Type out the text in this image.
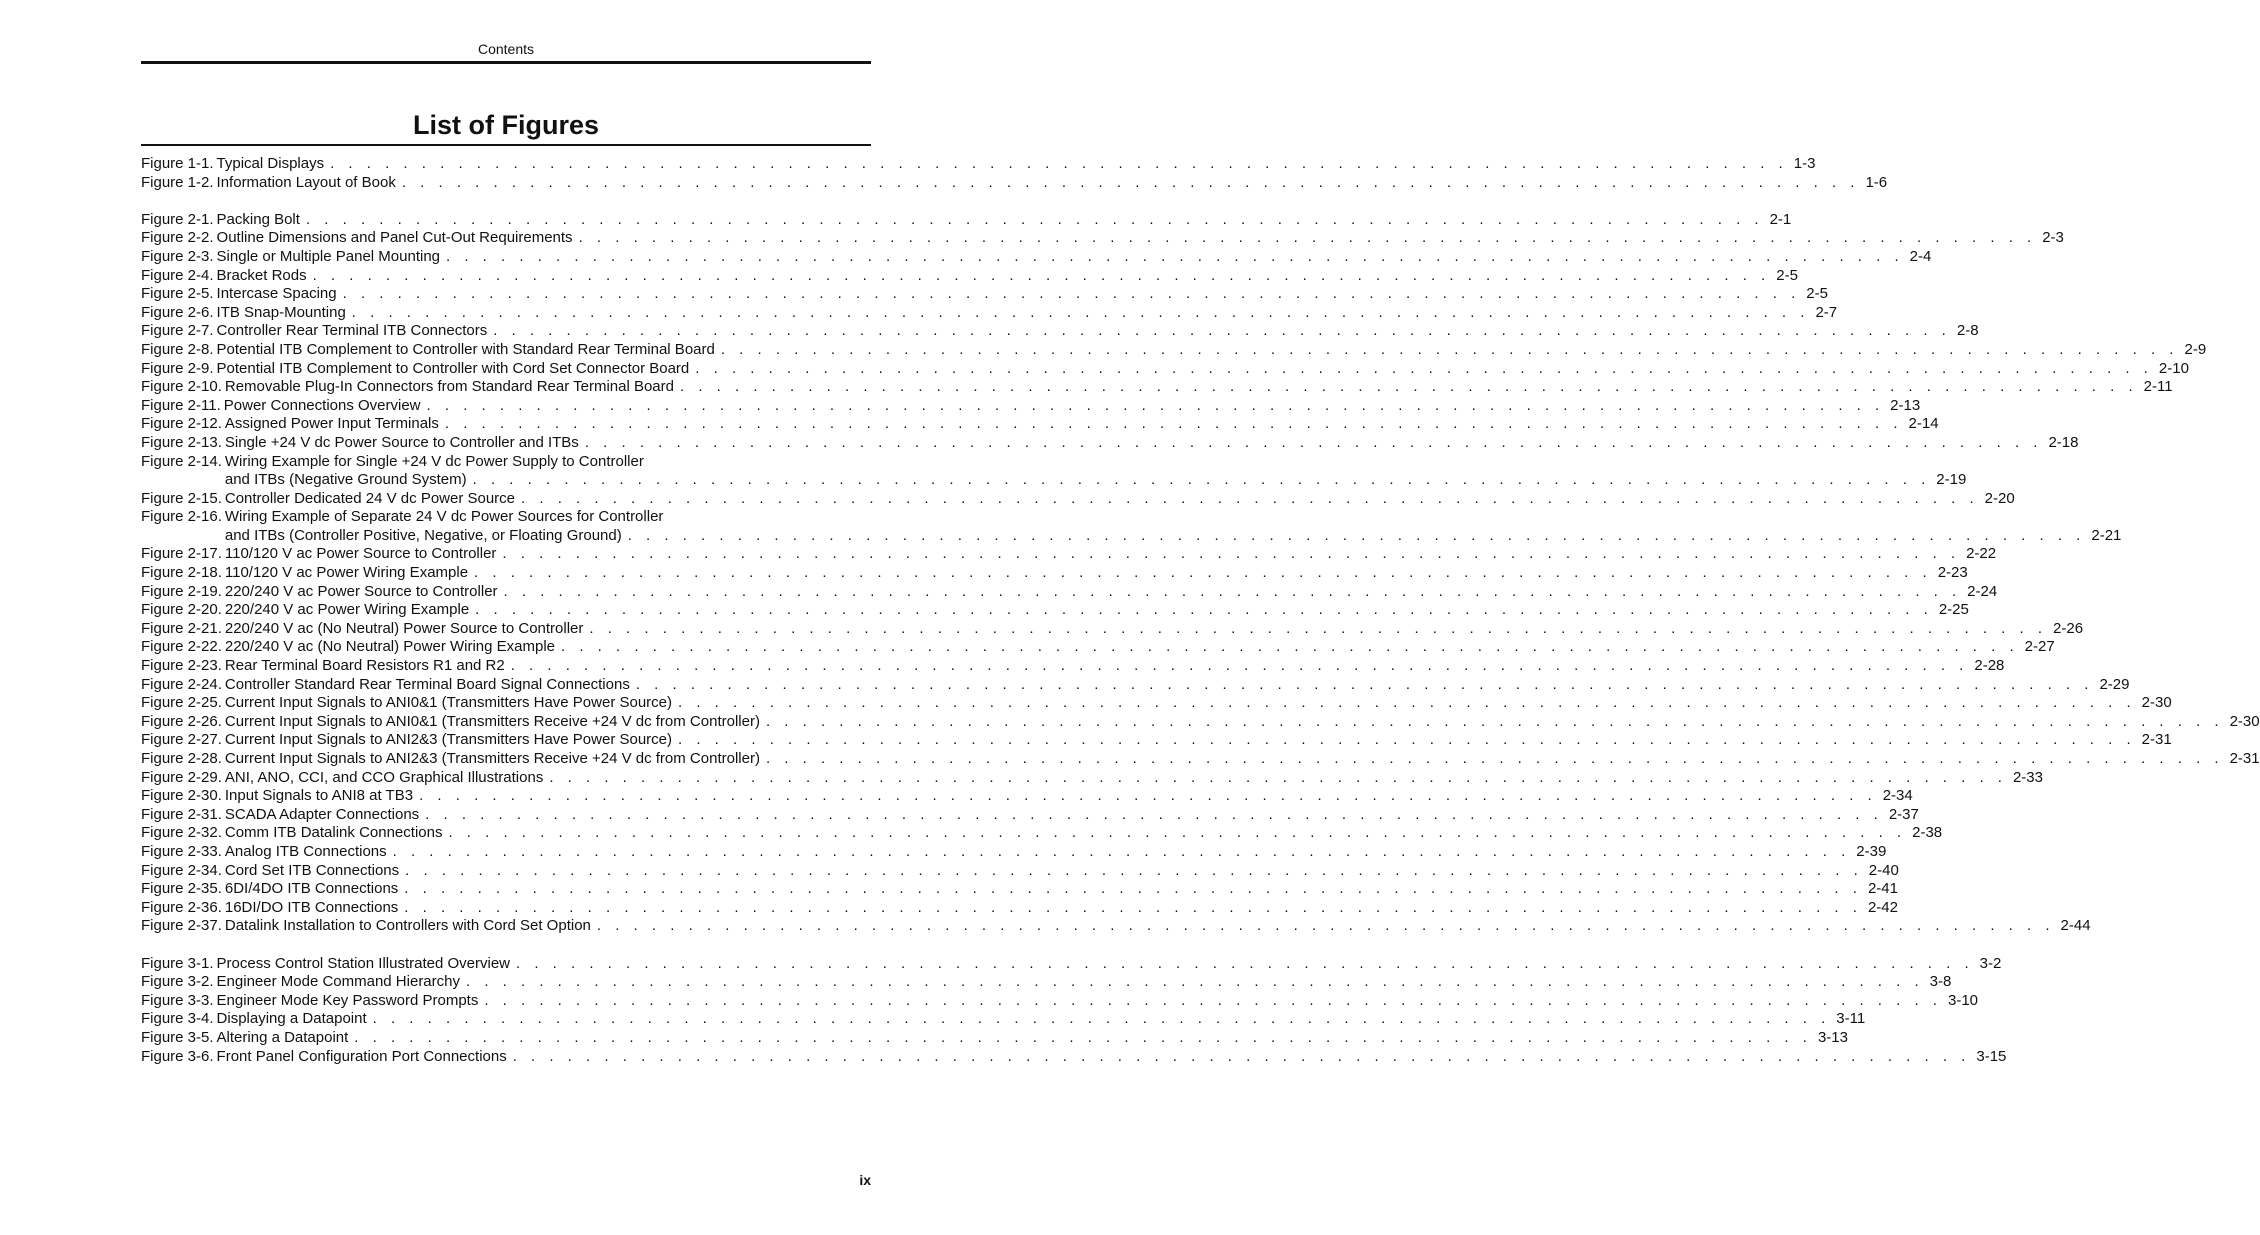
Contents
List of Figures
Figure 1-1. Typical Displays . . . . . . . . . . . . . . . . . . . . . . . . . . . . . . . . . . . . . . . . . . . . . . . . . . . . . . . . . . . . . . . . . . . . . . . . . . . . . . . . 1-3
Figure 1-2. Information Layout of Book . . . . . . . . . . . . . . . . . . . . . . . . . . . . . . . . . . . . . . . . . . . . . . . . . . . . . . . . . . . . . . . . . . . . . . . . . . . . . . . . 1-6
Figure 2-1. Packing Bolt . . . . . . . . . . . . . . . . . . . . . . . . . . . . . . . . . . . . . . . . . . . . . . . . . . . . . . . . . . . . . . . . . . . . . . . . . . . . . . . . 2-1
Figure 2-2. Outline Dimensions and Panel Cut-Out Requirements . . . . . . . . . . . . . . . . . . . . . . . . . . . . . . . . . . . . . . . . . . . . . . . . . . . . . . . . . . . . . . . . . . . . . . . . . . . . . . . . 2-3
Figure 2-3. Single or Multiple Panel Mounting . . . . . . . . . . . . . . . . . . . . . . . . . . . . . . . . . . . . . . . . . . . . . . . . . . . . . . . . . . . . . . . . . . . . . . . . . . . . . . . . 2-4
Figure 2-4. Bracket Rods . . . . . . . . . . . . . . . . . . . . . . . . . . . . . . . . . . . . . . . . . . . . . . . . . . . . . . . . . . . . . . . . . . . . . . . . . . . . . . . . 2-5
Figure 2-5. Intercase Spacing . . . . . . . . . . . . . . . . . . . . . . . . . . . . . . . . . . . . . . . . . . . . . . . . . . . . . . . . . . . . . . . . . . . . . . . . . . . . . . . . 2-5
Figure 2-6. ITB Snap-Mounting . . . . . . . . . . . . . . . . . . . . . . . . . . . . . . . . . . . . . . . . . . . . . . . . . . . . . . . . . . . . . . . . . . . . . . . . . . . . . . . . 2-7
Figure 2-7. Controller Rear Terminal ITB Connectors . . . . . . . . . . . . . . . . . . . . . . . . . . . . . . . . . . . . . . . . . . . . . . . . . . . . . . . . . . . . . . . . . . . . . . . . . . . . . . . . 2-8
Figure 2-8. Potential ITB Complement to Controller with Standard Rear Terminal Board . . . . . . . . . . . . . . . . . . . . . . . . . . . . . . . . . . . . . . . . . . . . . . . . . . . . . . . . . . . . . . . . . . . . . . . . . . . . . . . . 2-9
Figure 2-9. Potential ITB Complement to Controller with Cord Set Connector Board . . . . . . . . . . . . . . . . . . . . . . . . . . . . . . . . . . . . . . . . . . . . . . . . . . . . . . . . . . . . . . . . . . . . . . . . . . . . . . . . 2-10
Figure 2-10. Removable Plug-In Connectors from Standard Rear Terminal Board . . . . . . . . . . . . . . . . . . . . . . . . . . . . . . . . . . . . . . . . . . . . . . . . . . . . . . . . . . . . . . . . . . . . . . . . . . . . . . . . 2-11
Figure 2-11. Power Connections Overview . . . . . . . . . . . . . . . . . . . . . . . . . . . . . . . . . . . . . . . . . . . . . . . . . . . . . . . . . . . . . . . . . . . . . . . . . . . . . . . . 2-13
Figure 2-12. Assigned Power Input Terminals . . . . . . . . . . . . . . . . . . . . . . . . . . . . . . . . . . . . . . . . . . . . . . . . . . . . . . . . . . . . . . . . . . . . . . . . . . . . . . . . 2-14
Figure 2-13. Single +24 V dc Power Source to Controller and ITBs . . . . . . . . . . . . . . . . . . . . . . . . . . . . . . . . . . . . . . . . . . . . . . . . . . . . . . . . . . . . . . . . . . . . . . . . . . . . . . . . 2-18
Figure 2-14. Wiring Example for Single +24 V dc Power Supply to Controller
and ITBs (Negative Ground System) . . . . . . . . . . . . . . . . . . . . . . . . . . . . . . . . . . . . . . . . . . . . . . . . . . . . . . . . . . . . . . . . . . . . . . . . . . . . . . . . 2-19
Figure 2-15. Controller Dedicated 24 V dc Power Source . . . . . . . . . . . . . . . . . . . . . . . . . . . . . . . . . . . . . . . . . . . . . . . . . . . . . . . . . . . . . . . . . . . . . . . . . . . . . . . . 2-20
Figure 2-16. Wiring Example of Separate 24 V dc Power Sources for Controller
and ITBs (Controller Positive, Negative, or Floating Ground) . . . . . . . . . . . . . . . . . . . . . . . . . . . . . . . . . . . . . . . . . . . . . . . . . . . . . . . . . . . . . . . . . . . . . . . . . . . . . . . . 2-21
Figure 2-17. 110/120 V ac Power Source to Controller . . . . . . . . . . . . . . . . . . . . . . . . . . . . . . . . . . . . . . . . . . . . . . . . . . . . . . . . . . . . . . . . . . . . . . . . . . . . . . . . 2-22
Figure 2-18. 110/120 V ac Power Wiring Example . . . . . . . . . . . . . . . . . . . . . . . . . . . . . . . . . . . . . . . . . . . . . . . . . . . . . . . . . . . . . . . . . . . . . . . . . . . . . . . . 2-23
Figure 2-19. 220/240 V ac Power Source to Controller . . . . . . . . . . . . . . . . . . . . . . . . . . . . . . . . . . . . . . . . . . . . . . . . . . . . . . . . . . . . . . . . . . . . . . . . . . . . . . . . 2-24
Figure 2-20. 220/240 V ac Power Wiring Example . . . . . . . . . . . . . . . . . . . . . . . . . . . . . . . . . . . . . . . . . . . . . . . . . . . . . . . . . . . . . . . . . . . . . . . . . . . . . . . . 2-25
Figure 2-21. 220/240 V ac (No Neutral) Power Source to Controller . . . . . . . . . . . . . . . . . . . . . . . . . . . . . . . . . . . . . . . . . . . . . . . . . . . . . . . . . . . . . . . . . . . . . . . . . . . . . . . . 2-26
Figure 2-22. 220/240 V ac (No Neutral) Power Wiring Example . . . . . . . . . . . . . . . . . . . . . . . . . . . . . . . . . . . . . . . . . . . . . . . . . . . . . . . . . . . . . . . . . . . . . . . . . . . . . . . . 2-27
Figure 2-23. Rear Terminal Board Resistors R1 and R2 . . . . . . . . . . . . . . . . . . . . . . . . . . . . . . . . . . . . . . . . . . . . . . . . . . . . . . . . . . . . . . . . . . . . . . . . . . . . . . . . 2-28
Figure 2-24. Controller Standard Rear Terminal Board Signal Connections . . . . . . . . . . . . . . . . . . . . . . . . . . . . . . . . . . . . . . . . . . . . . . . . . . . . . . . . . . . . . . . . . . . . . . . . . . . . . . . . 2-29
Figure 2-25. Current Input Signals to ANI0&1 (Transmitters Have Power Source) . . . . . . . . . . . . . . . . . . . . . . . . . . . . . . . . . . . . . . . . . . . . . . . . . . . . . . . . . . . . . . . . . . . . . . . . . . . . . . . . 2-30
Figure 2-26. Current Input Signals to ANI0&1 (Transmitters Receive +24 V dc from Controller) . . . . . . . . . . . . . . . . . . . . . . . . . . . . . . . . . . . . . . . . . . . . . . . . . . . . . . . . . . . . . . . . . . . . . . . . . . . . . . . . 2-30
Figure 2-27. Current Input Signals to ANI2&3 (Transmitters Have Power Source) . . . . . . . . . . . . . . . . . . . . . . . . . . . . . . . . . . . . . . . . . . . . . . . . . . . . . . . . . . . . . . . . . . . . . . . . . . . . . . . . 2-31
Figure 2-28. Current Input Signals to ANI2&3 (Transmitters Receive +24 V dc from Controller) . . . . . . . . . . . . . . . . . . . . . . . . . . . . . . . . . . . . . . . . . . . . . . . . . . . . . . . . . . . . . . . . . . . . . . . . . . . . . . . . 2-31
Figure 2-29. ANI, ANO, CCI, and CCO Graphical Illustrations . . . . . . . . . . . . . . . . . . . . . . . . . . . . . . . . . . . . . . . . . . . . . . . . . . . . . . . . . . . . . . . . . . . . . . . . . . . . . . . . 2-33
Figure 2-30. Input Signals to ANI8 at TB3 . . . . . . . . . . . . . . . . . . . . . . . . . . . . . . . . . . . . . . . . . . . . . . . . . . . . . . . . . . . . . . . . . . . . . . . . . . . . . . . . 2-34
Figure 2-31. SCADA Adapter Connections . . . . . . . . . . . . . . . . . . . . . . . . . . . . . . . . . . . . . . . . . . . . . . . . . . . . . . . . . . . . . . . . . . . . . . . . . . . . . . . . 2-37
Figure 2-32. Comm ITB Datalink Connections . . . . . . . . . . . . . . . . . . . . . . . . . . . . . . . . . . . . . . . . . . . . . . . . . . . . . . . . . . . . . . . . . . . . . . . . . . . . . . . . 2-38
Figure 2-33. Analog ITB Connections . . . . . . . . . . . . . . . . . . . . . . . . . . . . . . . . . . . . . . . . . . . . . . . . . . . . . . . . . . . . . . . . . . . . . . . . . . . . . . . . 2-39
Figure 2-34. Cord Set ITB Connections . . . . . . . . . . . . . . . . . . . . . . . . . . . . . . . . . . . . . . . . . . . . . . . . . . . . . . . . . . . . . . . . . . . . . . . . . . . . . . . . 2-40
Figure 2-35. 6DI/4DO ITB Connections . . . . . . . . . . . . . . . . . . . . . . . . . . . . . . . . . . . . . . . . . . . . . . . . . . . . . . . . . . . . . . . . . . . . . . . . . . . . . . . . 2-41
Figure 2-36. 16DI/DO ITB Connections . . . . . . . . . . . . . . . . . . . . . . . . . . . . . . . . . . . . . . . . . . . . . . . . . . . . . . . . . . . . . . . . . . . . . . . . . . . . . . . . 2-42
Figure 2-37. Datalink Installation to Controllers with Cord Set Option . . . . . . . . . . . . . . . . . . . . . . . . . . . . . . . . . . . . . . . . . . . . . . . . . . . . . . . . . . . . . . . . . . . . . . . . . . . . . . . . 2-44
Figure 3-1. Process Control Station Illustrated Overview . . . . . . . . . . . . . . . . . . . . . . . . . . . . . . . . . . . . . . . . . . . . . . . . . . . . . . . . . . . . . . . . . . . . . . . . . . . . . . . . 3-2
Figure 3-2. Engineer Mode Command Hierarchy . . . . . . . . . . . . . . . . . . . . . . . . . . . . . . . . . . . . . . . . . . . . . . . . . . . . . . . . . . . . . . . . . . . . . . . . . . . . . . . . 3-8
Figure 3-3. Engineer Mode Key Password Prompts . . . . . . . . . . . . . . . . . . . . . . . . . . . . . . . . . . . . . . . . . . . . . . . . . . . . . . . . . . . . . . . . . . . . . . . . . . . . . . . . 3-10
Figure 3-4. Displaying a Datapoint . . . . . . . . . . . . . . . . . . . . . . . . . . . . . . . . . . . . . . . . . . . . . . . . . . . . . . . . . . . . . . . . . . . . . . . . . . . . . . . . 3-11
Figure 3-5. Altering a Datapoint . . . . . . . . . . . . . . . . . . . . . . . . . . . . . . . . . . . . . . . . . . . . . . . . . . . . . . . . . . . . . . . . . . . . . . . . . . . . . . . . 3-13
Figure 3-6. Front Panel Configuration Port Connections . . . . . . . . . . . . . . . . . . . . . . . . . . . . . . . . . . . . . . . . . . . . . . . . . . . . . . . . . . . . . . . . . . . . . . . . . . . . . . . . 3-15
ix
